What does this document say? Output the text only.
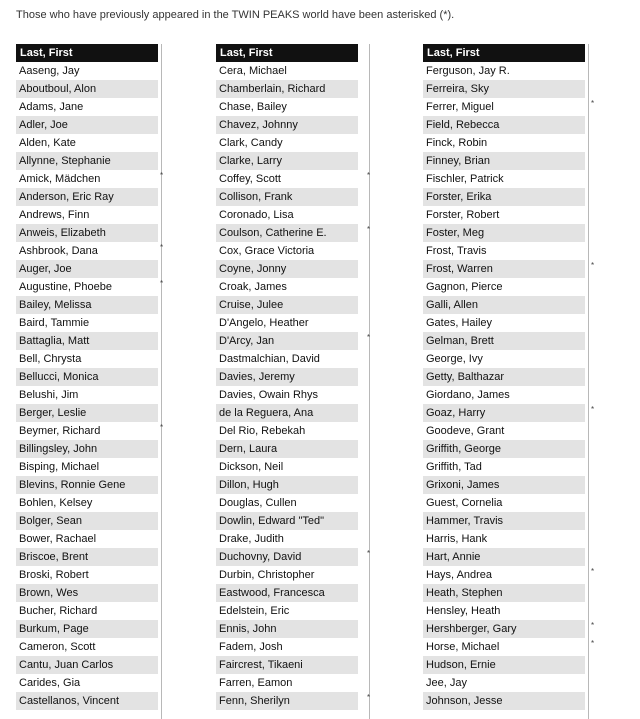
Those who have previously appeared in the TWIN PEAKS world have been asterisked (*).
Last, First
Aaseng, Jay
Aboutboul, Alon
Adams, Jane
Adler, Joe
Alden, Kate
Allynne, Stephanie
Amick, Mädchen	*
Anderson, Eric Ray
Andrews, Finn
Anweis, Elizabeth
Ashbrook, Dana	*
Auger, Joe
Augustine, Phoebe	*
Bailey, Melissa
Baird, Tammie
Battaglia, Matt
Bell, Chrysta
Bellucci, Monica
Belushi, Jim
Berger, Leslie
Beymer, Richard	*
Billingsley, John
Bisping, Michael
Blevins, Ronnie Gene
Bohlen, Kelsey
Bolger, Sean
Bower, Rachael
Briscoe, Brent
Broski, Robert
Brown, Wes
Bucher, Richard
Burkum, Page
Cameron, Scott
Cantu, Juan Carlos
Carides, Gia
Castellanos, Vincent
Last, First
Cera, Michael
Chamberlain, Richard
Chase, Bailey
Chavez, Johnny
Clark, Candy
Clarke, Larry
Coffey, Scott	*
Collison, Frank
Coronado, Lisa
Coulson, Catherine E.	*
Cox, Grace Victoria
Coyne, Jonny
Croak, James
Cruise, Julee
D'Angelo, Heather
D'Arcy, Jan	*
Dastmalchian, David
Davies, Jeremy
Davies, Owain Rhys
de la Reguera, Ana
Del Rio, Rebekah
Dern, Laura
Dickson, Neil
Dillon, Hugh
Douglas, Cullen
Dowlin, Edward "Ted"
Drake, Judith
Duchovny, David	*
Durbin, Christopher
Eastwood, Francesca
Edelstein, Eric
Ennis, John
Fadem, Josh
Faircrest, Tikaeni
Farren, Eamon
Fenn, Sherilyn	*
Last, First
Ferguson, Jay R.
Ferreira, Sky
Ferrer, Miguel	*
Field, Rebecca
Finck, Robin
Finney, Brian
Fischler, Patrick
Forster, Erika
Forster, Robert
Foster, Meg
Frost, Travis
Frost, Warren	*
Gagnon, Pierce
Galli, Allen
Gates, Hailey
Gelman, Brett
George, Ivy
Getty, Balthazar
Giordano, James
Goaz, Harry	*
Goodeve, Grant
Griffith, George
Griffith, Tad
Grixoni, James
Guest, Cornelia
Hammer, Travis
Harris, Hank
Hart, Annie
Hays, Andrea	*
Heath, Stephen
Hensley, Heath
Hershberger, Gary	*
Horse, Michael	*
Hudson, Ernie
Jee, Jay
Johnson, Jesse
